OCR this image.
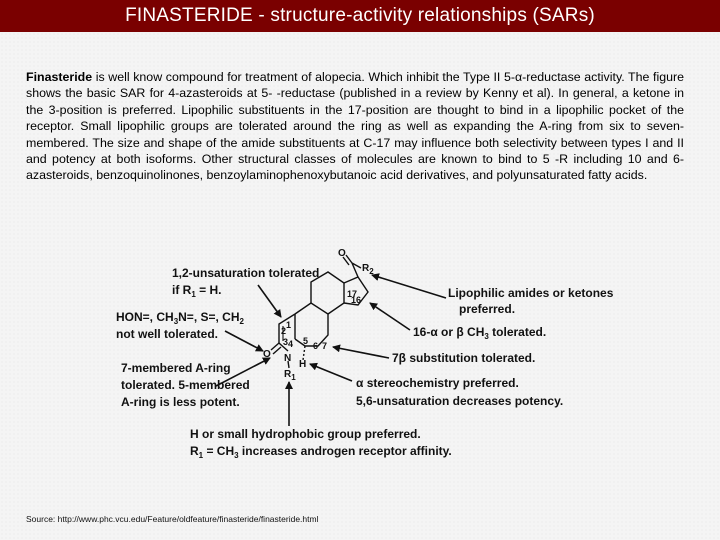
FINASTERIDE - structure-activity relationships (SARs)
Finasteride is well know compound for treatment of alopecia. Which inhibit the Type II 5-α-reductase activity. The figure shows the basic SAR for 4-azasteroids at 5- -reductase (published in a review by Kenny et al). In general, a ketone in the 3-position is preferred. Lipophilic substituents in the 17-position are thought to bind in a lipophilic pocket of the receptor. Small lipophilic groups are tolerated around the ring as well as expanding the A-ring from six to seven-membered. The size and shape of the amide substituents at C-17 may influence both selectivity between types I and II and potency at both isoforms. Other structural classes of molecules are known to bind to 5 -R including 10 and 6-azasteroids, benzoquinolinones, benzoylaminophenoxybutanoic acid derivatives, and polyunsaturated fatty acids.
O
O
N
H
$R_1$
$R_2$
1
2
3 4 5 6 7
16
17
1,2-unsaturation tolerated
if $R_1 = H$.
HON=, $CH_3N=$, S=, $CH_2$
not well tolerated.
7-membered A-ring
tolerated. 5-membered
A-ring is less potent.
Lipophilic amides or ketones
preferred.
16-α or β $CH_3$ tolerated.
7β substitution tolerated.
α stereochemistry preferred.
5,6-unsaturation decreases potency.
H or small hydrophobic group preferred.
$R_1 = CH_3$ increases androgen receptor affinity.
Source: http://www.phc.vcu.edu/Feature/oldfeature/finasteride/finasteride.html
